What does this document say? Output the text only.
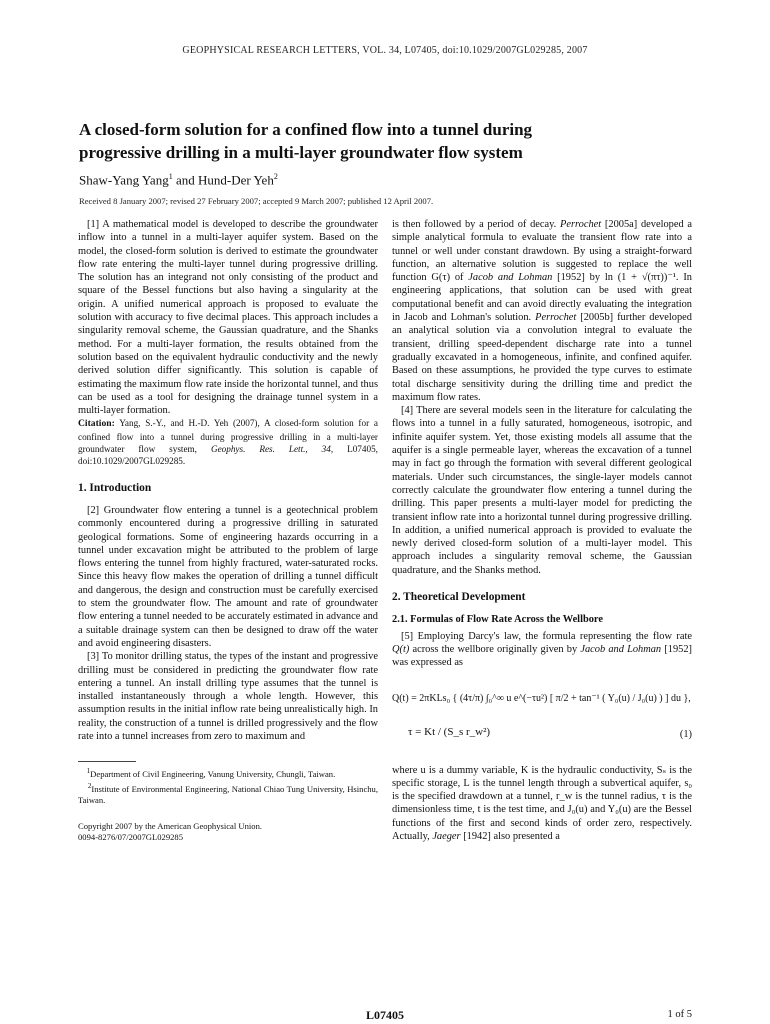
GEOPHYSICAL RESEARCH LETTERS, VOL. 34, L07405, doi:10.1029/2007GL029285, 2007
A closed-form solution for a confined flow into a tunnel during
progressive drilling in a multi-layer groundwater flow system
Shaw-Yang Yang$^1$ and Hund-Der Yeh$^2$
Received 8 January 2007; revised 27 February 2007; accepted 9 March 2007; published 12 April 2007.

[1] A mathematical model is developed to describe the groundwater inflow into a tunnel in a multi-layer aquifer system. Based on the model, the closed-form solution is derived to estimate the groundwater flow rate entering the multi-layer tunnel during progressive drilling. The solution has an integrand not only consisting of the product and square of the Bessel functions but also having a singularity at the origin. A unified numerical approach is proposed to evaluate the solution with accuracy to five decimal places. This approach includes a singularity removal scheme, the Gaussian quadrature, and the Shanks method. For a multi-layer formation, the results obtained from the solution based on the equivalent hydraulic conductivity and the newly derived solution differ significantly. This solution is capable of estimating the maximum flow rate inside the horizontal tunnel, and thus can be used as a tool for designing the drainage tunnel system in a multi-layer formation.

Citation: Yang, S.-Y., and H.-D. Yeh (2007), A closed-form solution for a confined flow into a tunnel during progressive drilling in a multi-layer groundwater flow system, Geophys. Res. Lett., 34, L07405, doi:10.1029/2007GL029285.

1. Introduction

[2] Groundwater flow entering a tunnel is a geotechnical problem commonly encountered during a progressive drilling in saturated geological formations. Some of engineering hazards occurring in a tunnel under excavation might be attributed to the problem of large flows entering the tunnel from highly fractured, water-saturated rocks. Since this heavy flow makes the operation of drilling a tunnel difficult and dangerous, the design and construction must be carefully exercised to stem the groundwater flow. The amount and rate of groundwater flow entering a tunnel needed to be accurately estimated in advance and a suitable drainage system can then be designed to draw off the water and avoid engineering disasters.

[3] To monitor drilling status, the types of the instant and progressive drilling must be considered in predicting the groundwater flow rate entering a tunnel. An install drilling type assumes that the tunnel is installed instantaneously through a whole length. However, this assumption results in the initial inflow rate being unrealistically high. In reality, the construction of a tunnel is drilled progressively and the flow rate into a tunnel increases from zero to maximum and

$^1$Department of Civil Engineering, Vanung University, Chungli, Taiwan.

$^2$Institute of Environmental Engineering, National Chiao Tung University, Hsinchu, Taiwan.

Copyright 2007 by the American Geophysical Union.
0094-8276/07/2007GL029285

is then followed by a period of decay. Perrochet [2005a] developed a simple analytical formula to evaluate the transient flow rate into a tunnel or well under constant drawdown. By using a straight-forward function, an alternative solution is suggested to replace the well function G(τ) of Jacob and Lohman [1952] by ln (1 + √(πτ))⁻¹. In engineering applications, that solution can be used with great computational benefit and can avoid directly evaluating the integration in Jacob and Lohman's solution. Perrochet [2005b] further developed an analytical solution via a convolution integral to evaluate the transient, drilling speed-dependent discharge rate into a tunnel gradually excavated in a homogeneous, infinite, and confined aquifer. Based on these assumptions, he provided the type curves to estimate total discharge sensitivity during the drilling time and predict the maximum flow rates.

[4] There are several models seen in the literature for calculating the flows into a tunnel in a fully saturated, homogeneous, isotropic, and infinite aquifer system. Yet, those existing models all assume that the aquifer is a single permeable layer, whereas the excavation of a tunnel may in fact go through the formation with several different geological materials. Under such circumstances, the single-layer models cannot correctly calculate the groundwater flow entering a tunnel during the drilling. This paper presents a multi-layer model for predicting the transient inflow rate into a horizontal tunnel during progressive drilling. In addition, a unified numerical approach is provided to evaluate the newly derived closed-form solution of a multi-layer model. This approach includes a singularity removal scheme, the Gaussian quadrature, and the Shanks method.

2. Theoretical Development
2.1. Formulas of Flow Rate Across the Wellbore

[5] Employing Darcy's law, the formula representing the flow rate Q(t) across the wellbore originally given by Jacob and Lohman [1952] was expressed as

Q(t) = 2πKLs₀ { (4τ/π) ∫₀^∞ u e^(−τu²) [ π/2 + tan⁻¹ ( Y₀(u) / J₀(u) ) ] du },
τ = Kt / (S_s r_w²)	(1)

where u is a dummy variable, K is the hydraulic conductivity, Sₛ is the specific storage, L is the tunnel length through a subvertical aquifer, s₀ is the specified drawdown at a tunnel, r_w is the tunnel radius, τ is the dimensionless time, t is the test time, and J₀(u) and Y₀(u) are the Bessel functions of the first and second kinds of order zero, respectively. Actually, Jaeger [1942] also presented a

L07405	1 of 5
